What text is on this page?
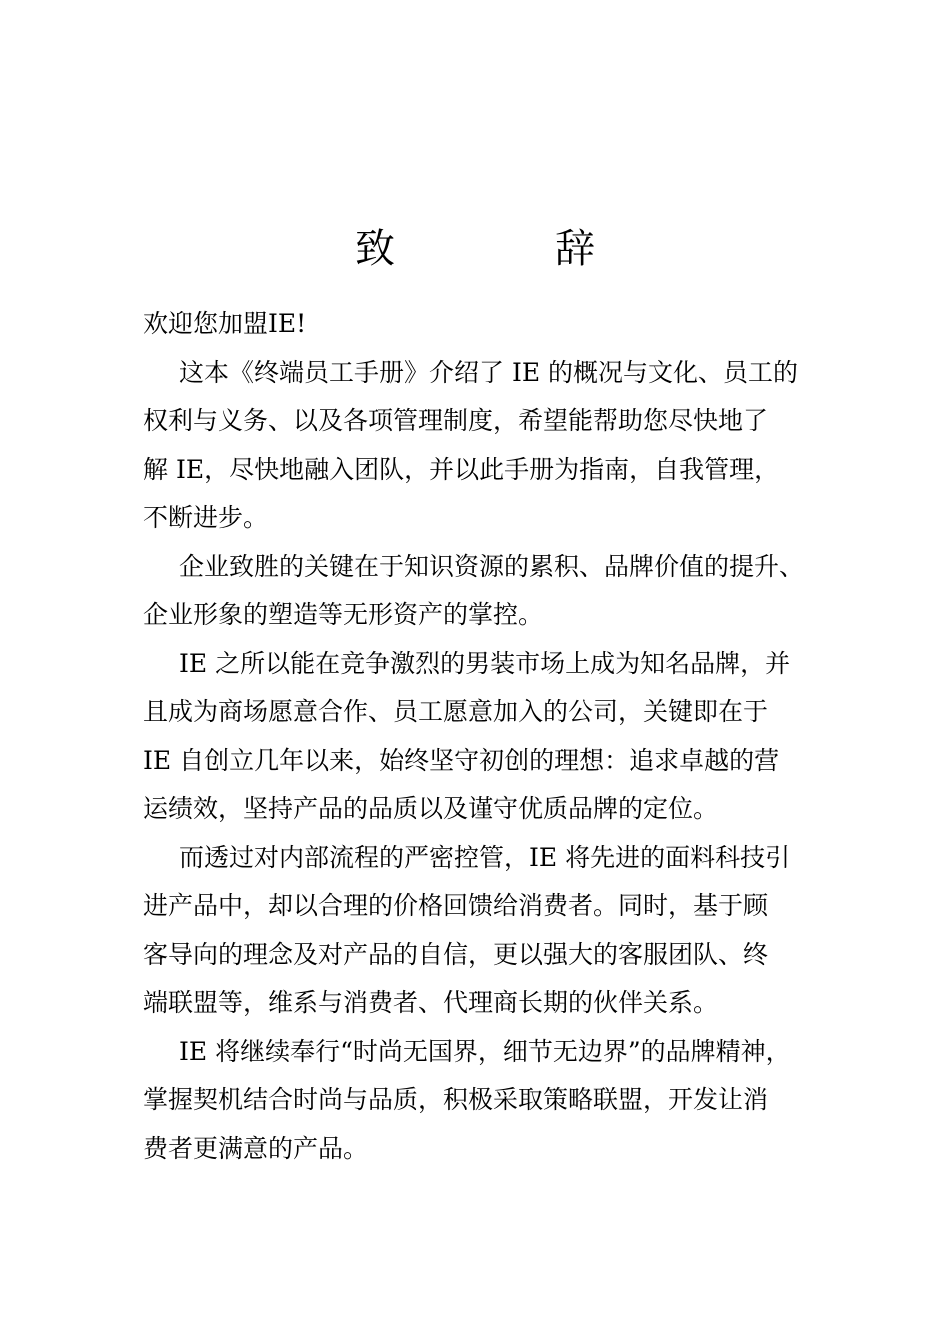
致　辞
欢迎您加盟IE!
这本《终端员工手册》介绍了 IE 的概况与文化、员工的
权利与义务、以及各项管理制度，希望能帮助您尽快地了
解 IE，尽快地融入团队，并以此手册为指南，自我管理，
不断进步。
企业致胜的关键在于知识资源的累积、品牌价值的提升、
企业形象的塑造等无形资产的掌控。
IE 之所以能在竞争激烈的男装市场上成为知名品牌，并
且成为商场愿意合作、员工愿意加入的公司，关键即在于
IE 自创立几年以来，始终坚守初创的理想：追求卓越的营
运绩效，坚持产品的品质以及谨守优质品牌的定位。
而透过对内部流程的严密控管，IE 将先进的面料科技引
进产品中，却以合理的价格回馈给消费者。同时，基于顾
客导向的理念及对产品的自信，更以强大的客服团队、终
端联盟等，维系与消费者、代理商长期的伙伴关系。
IE 将继续奉行“时尚无国界，细节无边界”的品牌精神，
掌握契机结合时尚与品质，积极采取策略联盟，开发让消
费者更满意的产品。
